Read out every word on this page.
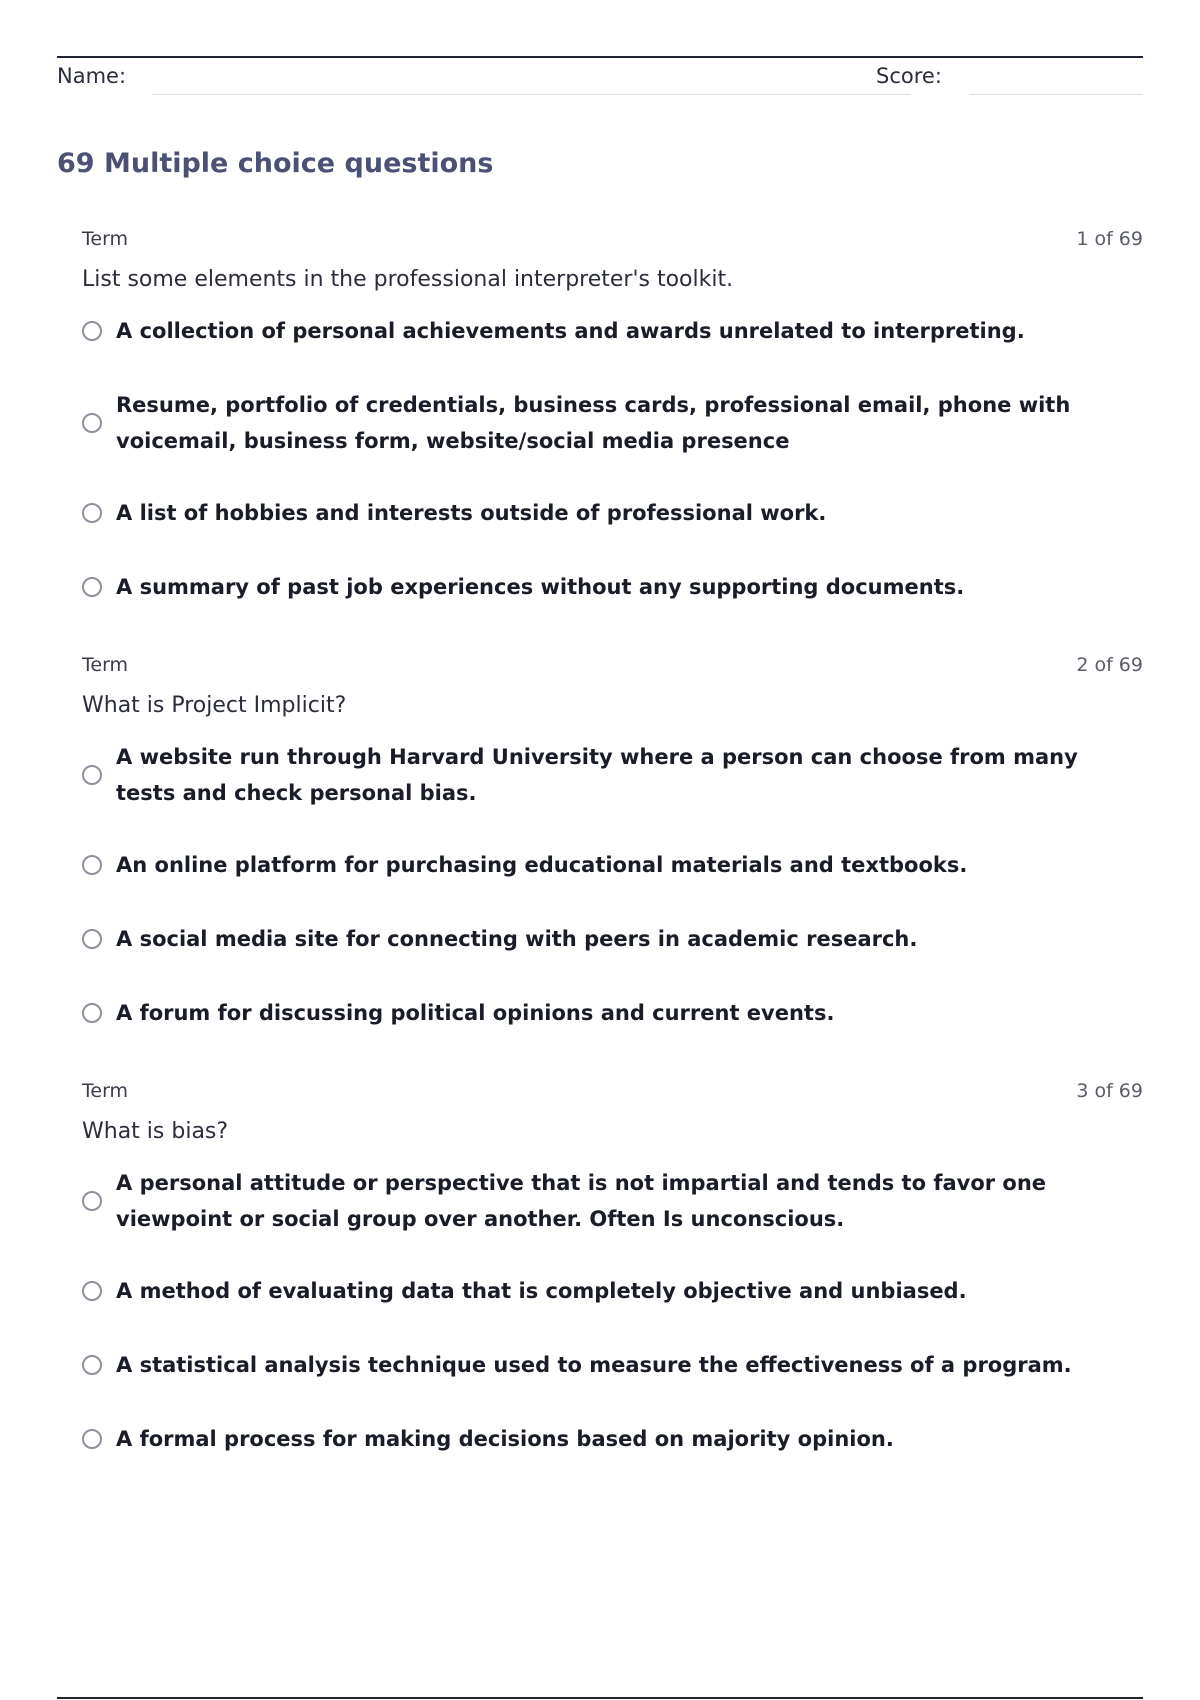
Name:	Score:
69 Multiple choice questions
Term	1 of 69
List some elements in the professional interpreter's toolkit.
A collection of personal achievements and awards unrelated to interpreting.
Resume, portfolio of credentials, business cards, professional email, phone with voicemail, business form, website/social media presence
A list of hobbies and interests outside of professional work.
A summary of past job experiences without any supporting documents.
Term	2 of 69
What is Project Implicit?
A website run through Harvard University where a person can choose from many tests and check personal bias.
An online platform for purchasing educational materials and textbooks.
A social media site for connecting with peers in academic research.
A forum for discussing political opinions and current events.
Term	3 of 69
What is bias?
A personal attitude or perspective that is not impartial and tends to favor one viewpoint or social group over another. Often Is unconscious.
A method of evaluating data that is completely objective and unbiased.
A statistical analysis technique used to measure the effectiveness of a program.
A formal process for making decisions based on majority opinion.
